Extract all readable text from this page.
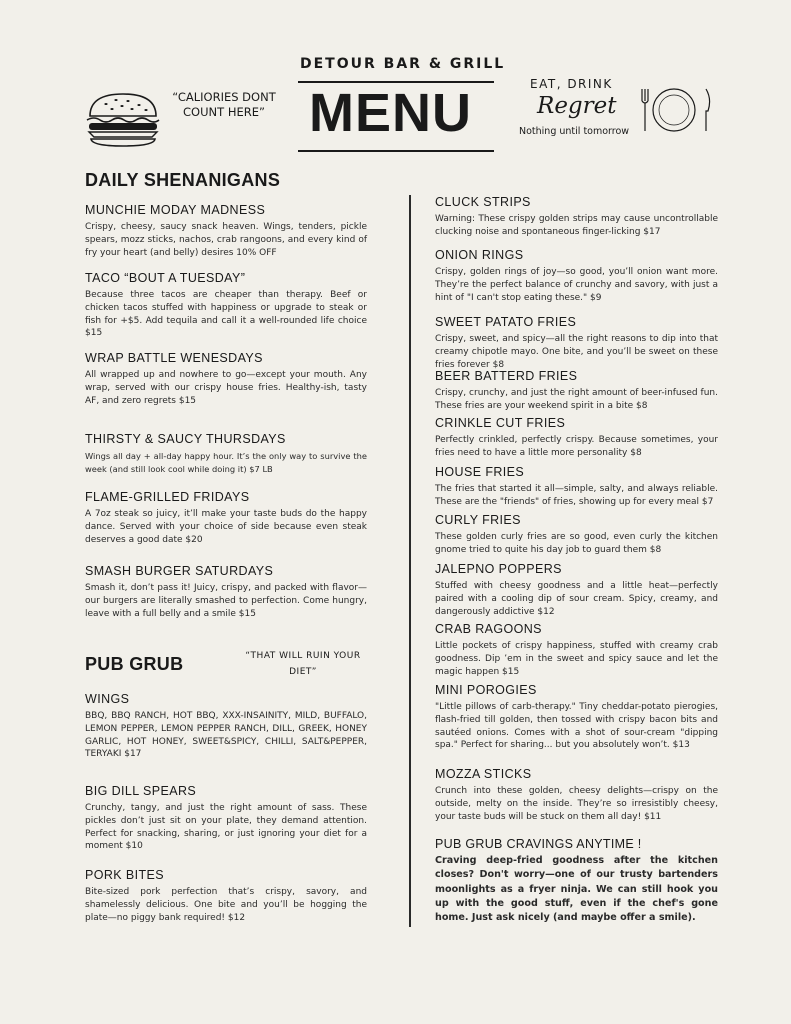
DETOUR BAR & GRILL
MENU
“CALIORIES DONT
COUNT HERE”
EAT, DRINK
Regret
Nothing until tomorrow
DAILY SHENANIGANS
MUNCHIE MODAY MADNESS

Crispy, cheesy, saucy snack heaven. Wings, tenders, pickle spears, mozz sticks, nachos, crab rangoons, and every kind of fry your heart (and belly) desires 10% OFF

TACO “BOUT A TUESDAY”

Because three tacos are cheaper than therapy. Beef or chicken tacos stuffed with happiness or upgrade to steak or fish for +$5. Add tequila and call it a well-rounded life choice $15

WRAP BATTLE WENESDAYS

All wrapped up and nowhere to go—except your mouth. Any wrap, served with our crispy house fries. Healthy-ish, tasty AF, and zero regrets $15

THIRSTY & SAUCY THURSDAYS

Wings all day + all-day happy hour. It’s the only way to survive the week (and still look cool while doing it) $7 LB

FLAME-GRILLED FRIDAYS

A 7oz steak so juicy, it’ll make your taste buds do the happy dance. Served with your choice of side because even steak deserves a good date $20

SMASH BURGER SATURDAYS

Smash it, don’t pass it! Juicy, crispy, and packed with flavor—our burgers are literally smashed to perfection. Come hungry, leave with a full belly and a smile $15

PUB GRUB	“THAT WILL RUIN YOUR DIET”
WINGS

BBQ, BBQ RANCH, HOT BBQ, XXX-INSAINITY, MILD, BUFFALO, LEMON PEPPER, LEMON PEPPER RANCH, DILL, GREEK, HONEY GARLIC, HOT HONEY, SWEET&SPICY, CHILLI, SALT&PEPPER, TERYAKI $17

BIG DILL SPEARS

Crunchy, tangy, and just the right amount of sass. These pickles don’t just sit on your plate, they demand attention. Perfect for snacking, sharing, or just ignoring your diet for a moment $10

PORK BITES

Bite-sized pork perfection that’s crispy, savory, and shamelessly delicious. One bite and you’ll be hogging the plate—no piggy bank required! $12

CLUCK STRIPS

Warning: These crispy golden strips may cause uncontrollable clucking noise and spontaneous finger-licking $17

ONION RINGS

Crispy, golden rings of joy—so good, you’ll onion want more. They’re the perfect balance of crunchy and savory, with just a hint of "I can't stop eating these." $9

SWEET PATATO FRIES

Crispy, sweet, and spicy—all the right reasons to dip into that creamy chipotle mayo. One bite, and you’ll be sweet on these fries forever $8

BEER BATTERD FRIES

Crispy, crunchy, and just the right amount of beer-infused fun. These fries are your weekend spirit in a bite $8

CRINKLE CUT FRIES

Perfectly crinkled, perfectly crispy. Because sometimes, your fries need to have a little more personality $8

HOUSE FRIES

The fries that started it all—simple, salty, and always reliable. These are the "friends" of fries, showing up for every meal $7

CURLY FRIES

These golden curly fries are so good, even curly the kitchen gnome tried to quite his day job to guard them $8

JALEPNO POPPERS

Stuffed with cheesy goodness and a little heat—perfectly paired with a cooling dip of sour cream. Spicy, creamy, and dangerously addictive $12

CRAB RAGOONS

Little pockets of crispy happiness, stuffed with creamy crab goodness. Dip ’em in the sweet and spicy sauce and let the magic happen $15

MINI POROGIES

"Little pillows of carb-therapy." Tiny cheddar-potato pierogies, flash-fried till golden, then tossed with crispy bacon bits and sautéed onions. Comes with a shot of sour-cream "dipping spa." Perfect for sharing... but you absolutely won’t. $13

MOZZA STICKS

Crunch into these golden, cheesy delights—crispy on the outside, melty on the inside. They’re so irresistibly cheesy, your taste buds will be stuck on them all day! $11

PUB GRUB CRAVINGS ANYTIME !

Craving deep-fried goodness after the kitchen closes? Don't worry—one of our trusty bartenders moonlights as a fryer ninja. We can still hook you up with the good stuff, even if the chef's gone home. Just ask nicely (and maybe offer a smile).
